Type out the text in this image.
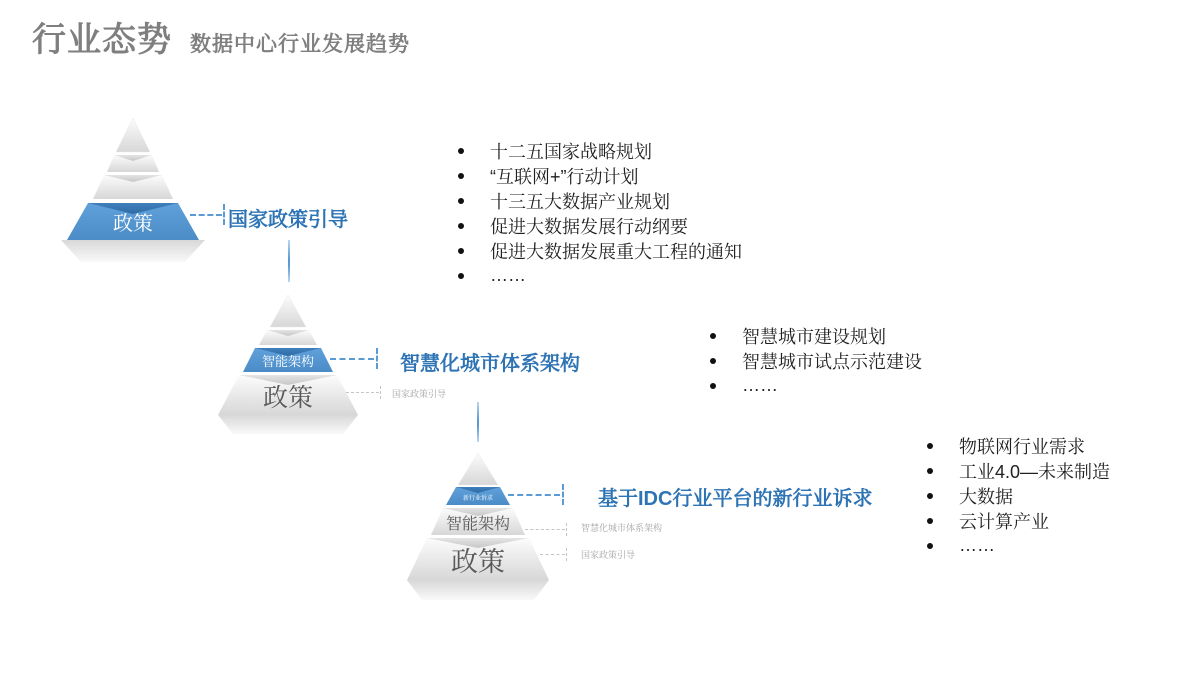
行业态势 数据中心行业发展趋势
政策	国家政策引导
十二五国家战略规划
“互联网+”行动计划
十三五大数据产业规划
促进大数据发展行动纲要
促进大数据发展重大工程的通知
……
智能架构
政策
智慧化城市体系架构
国家政策引导
智慧城市建设规划
智慧城市试点示范建设
……
新行业诉求
智能架构
政策
基于IDC行业平台的新行业诉求
智慧化城市体系架构
国家政策引导
物联网行业需求
工业4.0—未来制造
大数据
云计算产业
……
